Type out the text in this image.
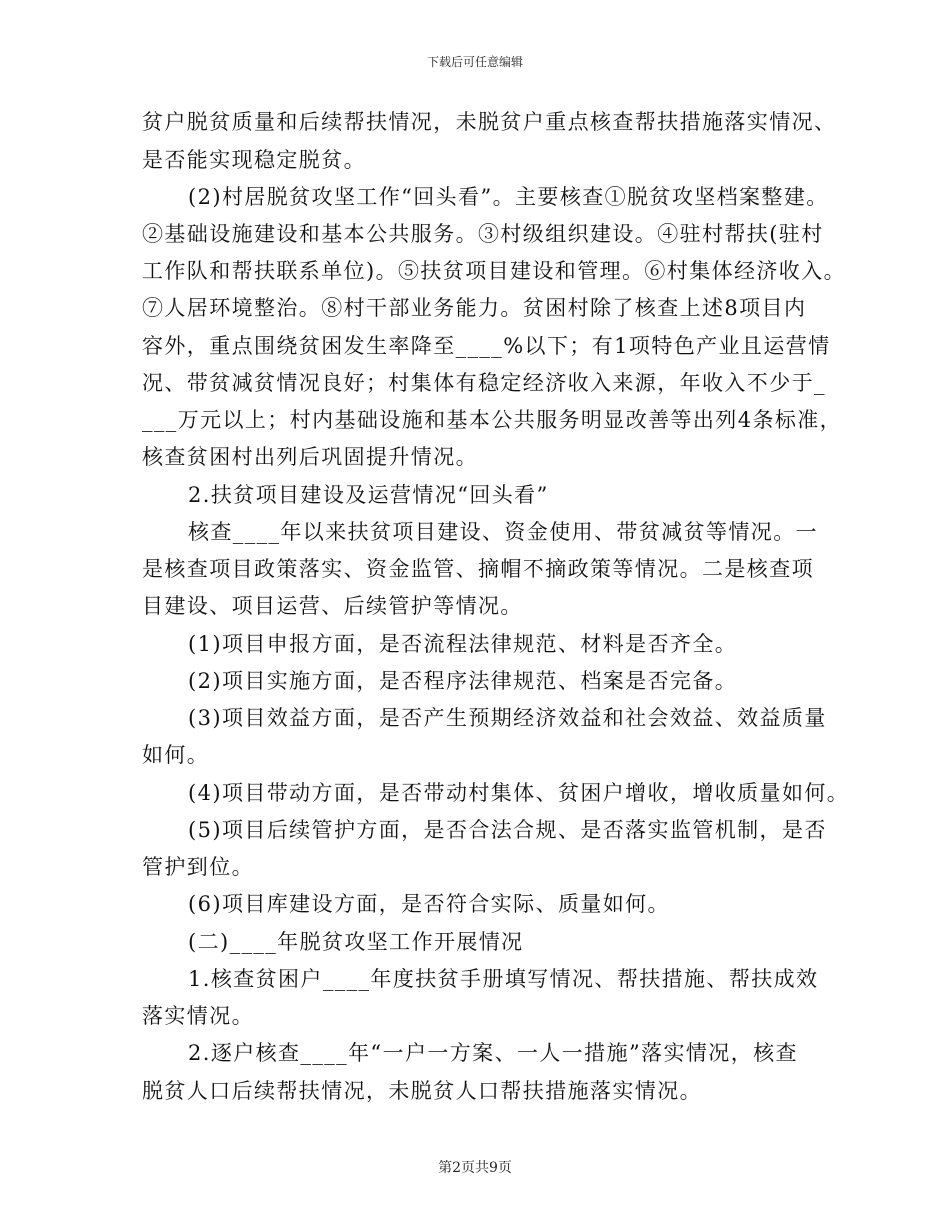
下载后可任意编辑
贫户脱贫质量和后续帮扶情况，未脱贫户重点核查帮扶措施落实情况、
是否能实现稳定脱贫。
(2)村居脱贫攻坚工作“回头看”。主要核查①脱贫攻坚档案整建。
②基础设施建设和基本公共服务。③村级组织建设。④驻村帮扶(驻村
工作队和帮扶联系单位)。⑤扶贫项目建设和管理。⑥村集体经济收入。
⑦人居环境整治。⑧村干部业务能力。贫困村除了核查上述8项目内
容外，重点围绕贫困发生率降至____%以下；有1项特色产业且运营情
况、带贫减贫情况良好；村集体有稳定经济收入来源，年收入不少于_
___万元以上；村内基础设施和基本公共服务明显改善等出列4条标准，
核查贫困村出列后巩固提升情况。
2.扶贫项目建设及运营情况“回头看”
核查____年以来扶贫项目建设、资金使用、带贫减贫等情况。一
是核查项目政策落实、资金监管、摘帽不摘政策等情况。二是核查项
目建设、项目运营、后续管护等情况。
(1)项目申报方面，是否流程法律规范、材料是否齐全。
(2)项目实施方面，是否程序法律规范、档案是否完备。
(3)项目效益方面，是否产生预期经济效益和社会效益、效益质量
如何。
(4)项目带动方面，是否带动村集体、贫困户增收，增收质量如何。
(5)项目后续管护方面，是否合法合规、是否落实监管机制，是否
管护到位。
(6)项目库建设方面，是否符合实际、质量如何。
(二)____年脱贫攻坚工作开展情况
1.核查贫困户____年度扶贫手册填写情况、帮扶措施、帮扶成效
落实情况。
2.逐户核查____年“一户一方案、一人一措施”落实情况，核查
脱贫人口后续帮扶情况，未脱贫人口帮扶措施落实情况。
第2页共9页
